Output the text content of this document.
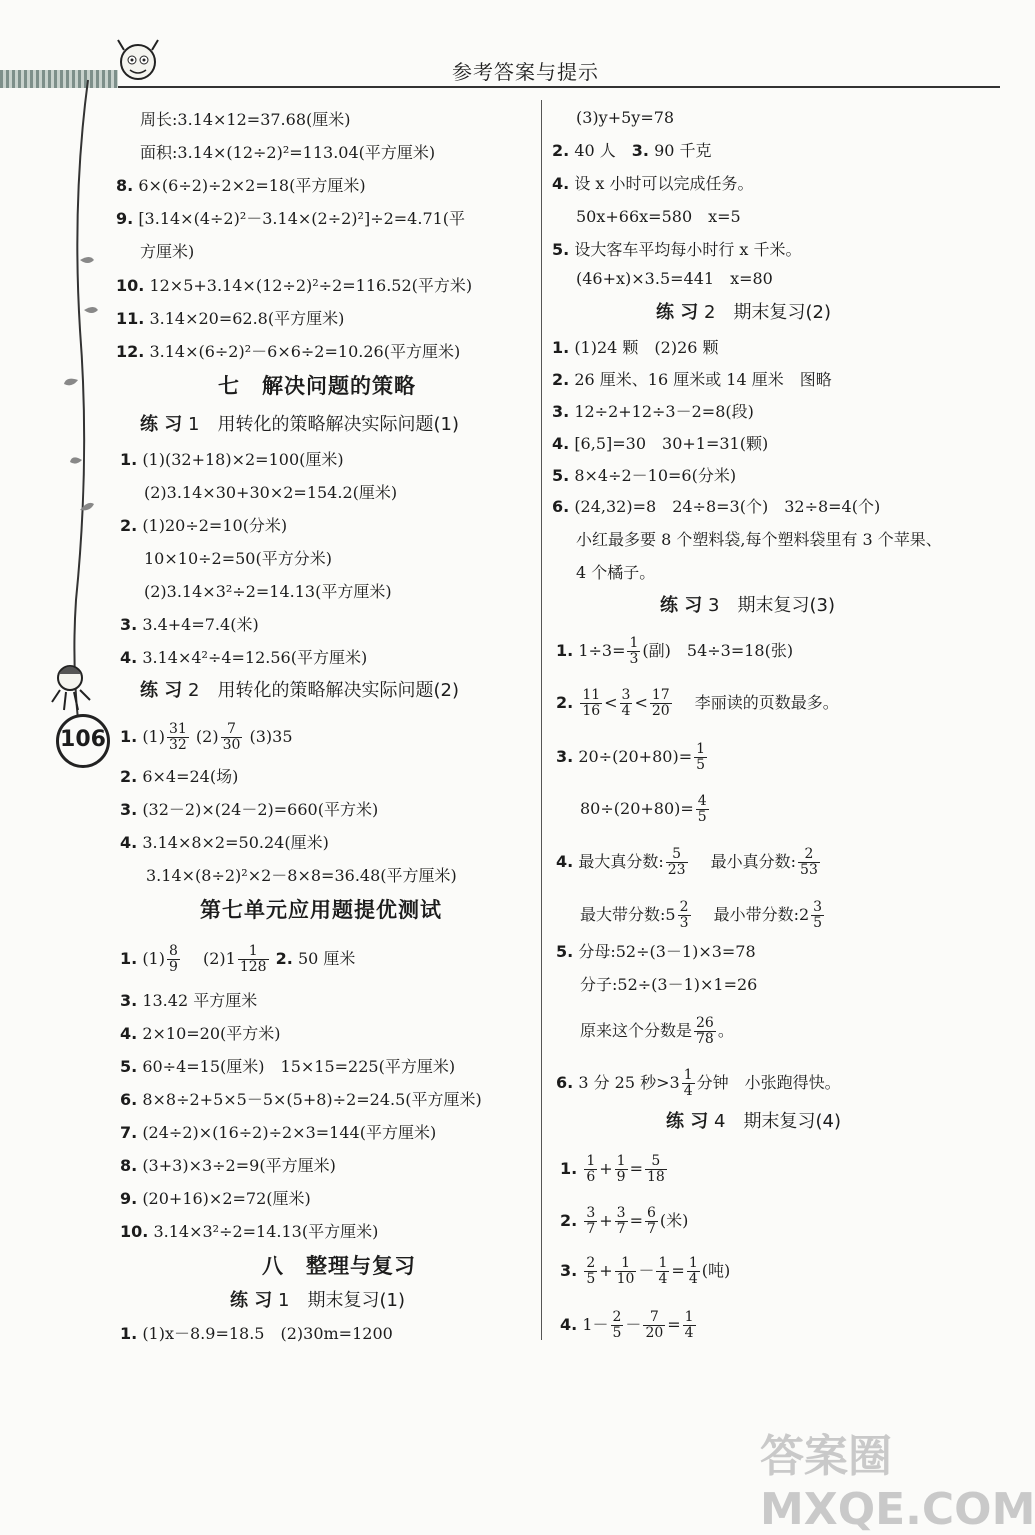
参考答案与提示
106
周长:3.14×12=37.68(厘米)
面积:3.14×(12÷2)²=113.04(平方厘米)
8. 6×(6÷2)÷2×2=18(平方厘米)
9. [3.14×(4÷2)²－3.14×(2÷2)²]÷2=4.71(平
方厘米)
10. 12×5+3.14×(12÷2)²÷2=116.52(平方米)
11. 3.14×20=62.8(平方厘米)
12. 3.14×(6÷2)²－6×6÷2=10.26(平方厘米)
七　解决问题的策略
练 习 1　 用转化的策略解决实际问题(1)
1. (1)(32+18)×2=100(厘米)
(2)3.14×30+30×2=154.2(厘米)
2. (1)20÷2=10(分米)
10×10÷2=50(平方分米)
(2)3.14×3²÷2=14.13(平方厘米)
3. 3.4+4=7.4(米)
4. 3.14×4²÷4=12.56(平方厘米)
练 习 2　 用转化的策略解决实际问题(2)
1. $(1) \frac{31}{32} (2) \frac{7}{30} (3)35$
2. 6×4=24(场)
3. (32－2)×(24－2)=660(平方米)
4. 3.14×8×2=50.24(厘米)
3.14×(8÷2)²×2－8×8=36.48(平方厘米)
第七单元应用题提优测试
1. $(1) \frac{8}{9}$
　 $(2)1 \frac{1}{128} 2$. 50 厘米
3. 13.42 平方厘米
4. 2×10=20(平方米)
5. 60÷4=15(厘米)　15×15=225(平方厘米)
6. 8×8÷2+5×5－5×(5+8)÷2=24.5(平方厘米)
7. (24÷2)×(16÷2)÷2×3=144(平方厘米)
8. (3+3)×3÷2=9(平方厘米)
9. (20+16)×2=72(厘米)
10. 3.14×3²÷2=14.13(平方厘米)
八　整理与复习
练 习 1　 期末复习(1)
1. (1)x－8.9=18.5　(2)30m=1200
(3)y+5y=78
2. 40 人　 3. 90 千克
4. 设 x 小时可以完成任务。
50x+66x=580　x=5
5. 设大客车平均每小时行 x 千米。
(46+x)×3.5=441　x=80
练 习 2　 期末复习(2)
1. (1)24 颗　(2)26 颗
2. 26 厘米、16 厘米或 14 厘米　图略
3. 12÷2+12÷3－2=8(段)
4. [6,5]=30　30+1=31(颗)
5. 8×4÷2－10=6(分米)
6. (24,32)=8　24÷8=3(个)　32÷8=4(个)
小红最多要 8 个塑料袋,每个塑料袋里有 3 个苹果、
4 个橘子。
练 习 3　 期末复习(3)
1. $1\div 3= \frac{1}{3}$ (副)　54÷3=18(张)
2. $\frac{11}{16} < \frac{3}{4} < \frac{17}{20}$
　 李丽读的页数最多。
3. $20\div(20+80)= \frac{1}{5}$
$80\div(20+80)= \frac{4}{5}$
4. 最大真分数: $\frac{5}{23}$
　 最小真分数: $\frac{2}{53}$
最大带分数:5 $\frac{2}{3}$
　 最小带分数:2 $\frac{3}{5}$
5. 分母:52÷(3－1)×3=78
分子:52÷(3－1)×1=26
原来这个分数是 $\frac{26}{78}$ 。
6. 3 分 25 秒$>3 \frac{1}{4}$ 分钟　小张跑得快。
练 习 4　 期末复习(4)
1. $\frac{1}{6} + \frac{1}{9} = \frac{5}{18}$
2. $\frac{3}{7} + \frac{3}{7} = \frac{6}{7}$ (米)
3. $\frac{2}{5} + \frac{1}{10} - \frac{1}{4} = \frac{1}{4}$ (吨)
4. $1- \frac{2}{5} - \frac{7}{20} = \frac{1}{4}$
答案圈 MXQE.COM
